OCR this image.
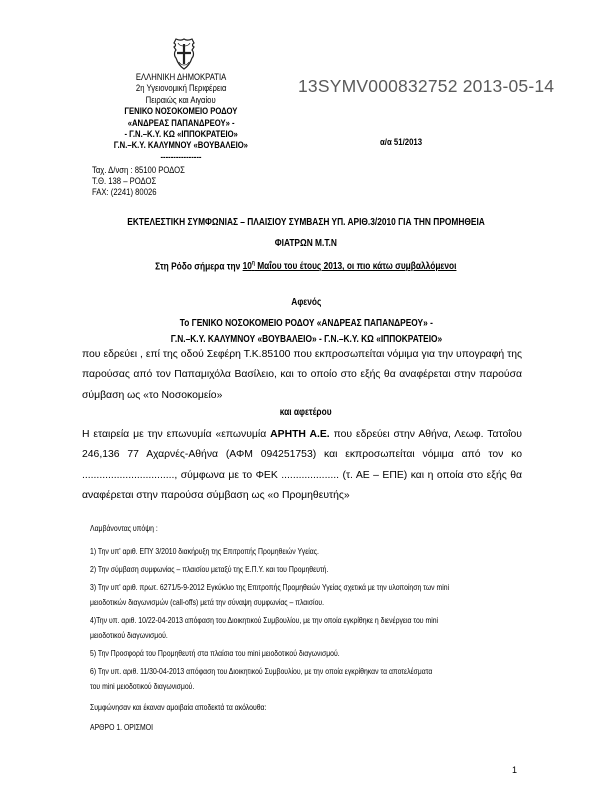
ΕΛΛΗΝΙΚΗ ΔΗΜΟΚΡΑΤΙΑ
2η Υγειονομική Περιφέρεια
Πειραιώς και Αιγαίου
ΓΕΝΙΚΟ ΝΟΣΟΚΟΜΕΙΟ ΡΟΔΟΥ
«ΑΝΔΡΕΑΣ ΠΑΠΑΝΔΡΕΟΥ» -
- Γ.Ν.–Κ.Υ. ΚΩ «ΙΠΠΟΚΡΑΤΕΙΟ»
Γ.Ν.–Κ.Υ. ΚΑΛΥΜΝΟΥ «ΒΟΥΒΑΛΕΙΟ»
----------------
Ταχ. Δ/νση : 85100 ΡΟΔΟΣ
Τ.Θ. 138 – ΡΟΔΟΣ
FAX: (2241) 80026
13SYMV000832752 2013-05-14
α/α 51/2013
ΕΚΤΕΛΕΣΤΙΚΗ ΣΥΜΦΩΝΙΑΣ – ΠΛΑΙΣΙΟΥ ΣΥΜΒΑΣΗ ΥΠ. ΑΡΙΘ.3/2010 ΓΙΑ ΤΗΝ ΠΡΟΜΗΘΕΙΑ
ΦΙΑΤΡΩΝ Μ.Τ.Ν
Στη Ρόδο σήμερα την $10^\eta$ Μαΐου του έτους 2013, οι πιο κάτω συμβαλλόμενοι
Αφενός
Το ΓΕΝΙΚΟ ΝΟΣΟΚΟΜΕΙΟ ΡΟΔΟΥ «ΑΝΔΡΕΑΣ ΠΑΠΑΝΔΡΕΟΥ» -
Γ.Ν.–Κ.Υ. ΚΑΛΥΜΝΟΥ «ΒΟΥΒΑΛΕΙΟ» - Γ.Ν.–Κ.Υ. ΚΩ «ΙΠΠΟΚΡΑΤΕΙΟ»
που εδρεύει , επί της οδού Σεφέρη Τ.Κ.85100 που εκπροσωπείται νόμιμα για την υπογραφή της παρούσας από τον Παπαμιχόλα Βασίλειο, και το οποίο στο εξής θα αναφέρεται στην παρούσα σύμβαση ως «το Νοσοκομείο»
και αφετέρου
Η εταιρεία με την επωνυμία «επωνυμία ΑΡΗΤΗ Α.Ε. που εδρεύει στην Αθήνα, Λεωφ. Τατοΐου 246,136 77 Αχαρνές-Αθήνα (ΑΦΜ 094251753) και εκπροσωπείται νόμιμα από τον κο ................................, σύμφωνα με το ΦΕΚ .................... (τ. ΑΕ – ΕΠΕ) και η οποία στο εξής θα αναφέρεται στην παρούσα σύμβαση ως «ο Προμηθευτής»
Λαμβάνοντας υπόψη :
1) Την υπ' αριθ. ΕΠΥ 3/2010 διακήρυξη της Επιτροπής Προμηθειών Υγείας.
2) Την σύμβαση συμφωνίας – πλαισίου μεταξύ της Ε.Π.Υ. και του Προμηθευτή.
3) Την υπ' αριθ. πρωτ. 6271/5-9-2012 Εγκύκλιο της Επιτροπής Προμηθειών Υγείας σχετικά με την υλοποίηση των mini
μειοδοτικών διαγωνισμών (call-offs) μετά την σύναψη συμφωνίας – πλαισίου.
4)Την υπ. αριθ. 10/22-04-2013 απόφαση του Διοικητικού Συμβουλίου, με την οποία εγκρίθηκε η διενέργεια του mini
μειοδοτικού διαγωνισμού.
5) Την Προσφορά του Προμηθευτή στα πλαίσια του mini μειοδοτικού διαγωνισμού.
6) Την υπ. αριθ. 11/30-04-2013 απόφαση του Διοικητικού Συμβουλίου, με την οποία εγκρίθηκαν τα αποτελέσματα
του mini μειοδοτικού διαγωνισμού.
Συμφώνησαν και έκαναν αμοιβαία αποδεκτά τα ακόλουθα:
ΑΡΘΡΟ 1. ΟΡΙΣΜΟΙ
1
